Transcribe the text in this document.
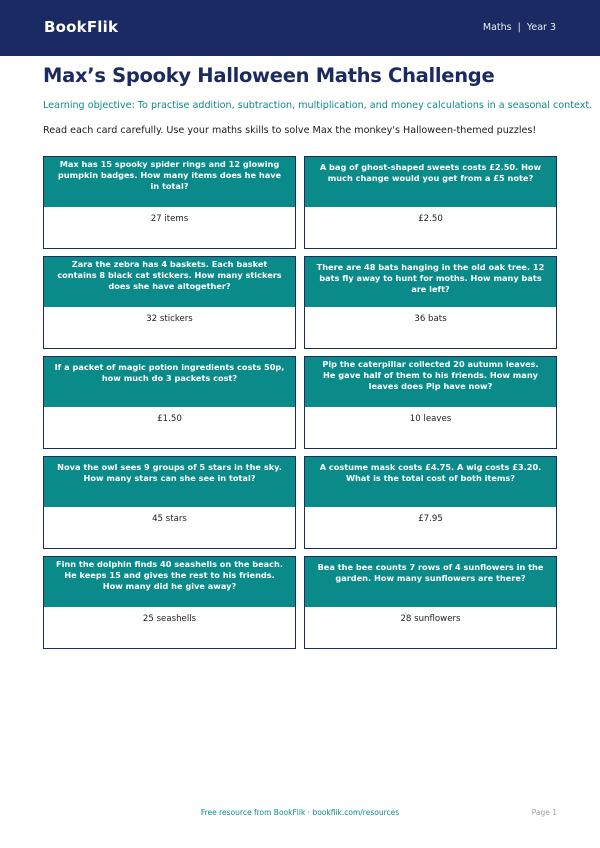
BookFlik	Maths | Year 3
Max’s Spooky Halloween Maths Challenge
Learning objective: To practise addition, subtraction, multiplication, and money calculations in a seasonal context.
Read each card carefully. Use your maths skills to solve Max the monkey's Halloween-themed puzzles!
Max has 15 spooky spider rings and 12 glowing pumpkin badges. How many items does he have in total?
27 items
A bag of ghost-shaped sweets costs £2.50. How much change would you get from a £5 note?
£2.50
Zara the zebra has 4 baskets. Each basket contains 8 black cat stickers. How many stickers does she have altogether?
32 stickers
There are 48 bats hanging in the old oak tree. 12 bats fly away to hunt for moths. How many bats are left?
36 bats
If a packet of magic potion ingredients costs 50p, how much do 3 packets cost?
£1.50
Pip the caterpillar collected 20 autumn leaves. He gave half of them to his friends. How many leaves does Pip have now?
10 leaves
Nova the owl sees 9 groups of 5 stars in the sky. How many stars can she see in total?
45 stars
A costume mask costs £4.75. A wig costs £3.20. What is the total cost of both items?
£7.95
Finn the dolphin finds 40 seashells on the beach. He keeps 15 and gives the rest to his friends. How many did he give away?
25 seashells
Bea the bee counts 7 rows of 4 sunflowers in the garden. How many sunflowers are there?
28 sunflowers
Free resource from BookFlik · bookflik.com/resources	Page 1
